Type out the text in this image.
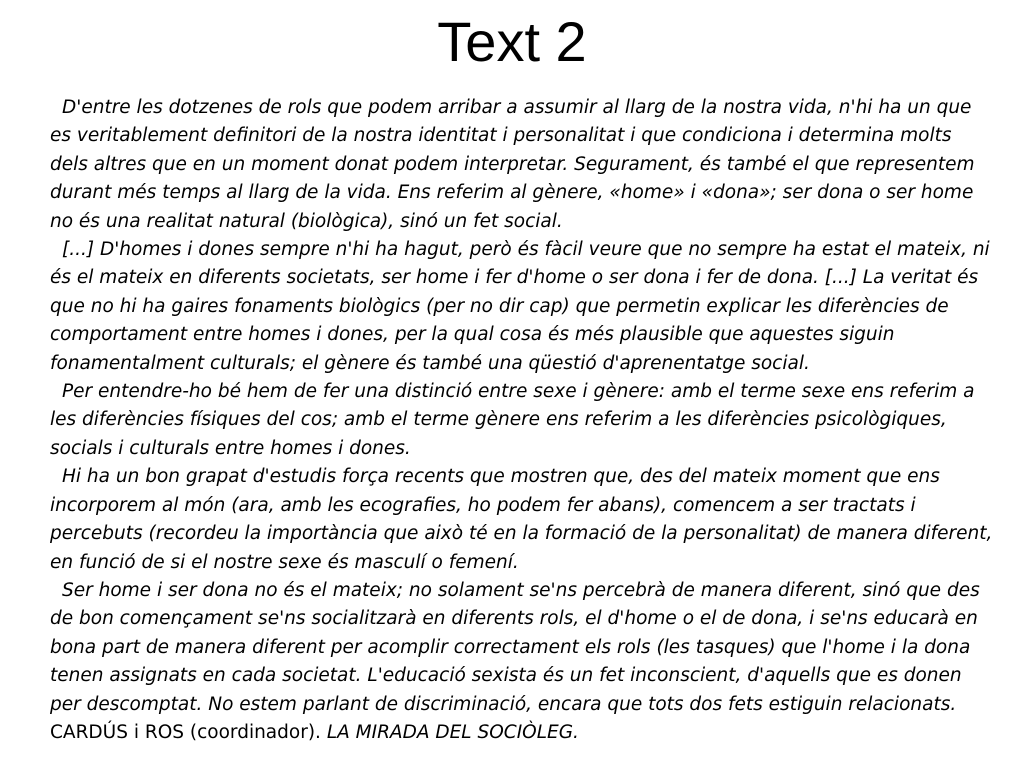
Text 2

D'entre les dotzenes de rols que podem arribar a assumir al llarg de la nostra vida, n'hi ha un que es veritablement definitori de la nostra identitat i personalitat i que condiciona i determina molts dels altres que en un moment donat podem interpretar. Segurament, és també el que representem durant més temps al llarg de la vida. Ens referim al gènere, «home» i «dona»; ser dona o ser home no és una realitat natural (biològica), sinó un fet social.

[...] D'homes i dones sempre n'hi ha hagut, però és fàcil veure que no sempre ha estat el mateix, ni és el mateix en diferents societats, ser home i fer d'home o ser dona i fer de dona. [...] La veritat és que no hi ha gaires fonaments biològics (per no dir cap) que permetin explicar les diferències de comportament entre homes i dones, per la qual cosa és més plausible que aquestes siguin fonamentalment culturals; el gènere és també una qüestió d'aprenentatge social.

Per entendre-ho bé hem de fer una distinció entre sexe i gènere: amb el terme sexe ens referim a les diferències físiques del cos; amb el terme gènere ens referim a les diferències psicològiques, socials i culturals entre homes i dones.

Hi ha un bon grapat d'estudis força recents que mostren que, des del mateix moment que ens incorporem al món (ara, amb les ecografies, ho podem fer abans), comencem a ser tractats i percebuts (recordeu la importància que això té en la formació de la personalitat) de manera diferent, en funció de si el nostre sexe és masculí o femení.

Ser home i ser dona no és el mateix; no solament se'ns percebrà de manera diferent, sinó que des de bon començament se'ns socialitzarà en diferents rols, el d'home o el de dona, i se'ns educarà en bona part de manera diferent per acomplir correctament els rols (les tasques) que l'home i la dona tenen assignats en cada societat. L'educació sexista és un fet inconscient, d'aquells que es donen per descomptat. No estem parlant de discriminació, encara que tots dos fets estiguin relacionats.

CARDÚS i ROS (coordinador). LA MIRADA DEL SOCIÒLEG.
